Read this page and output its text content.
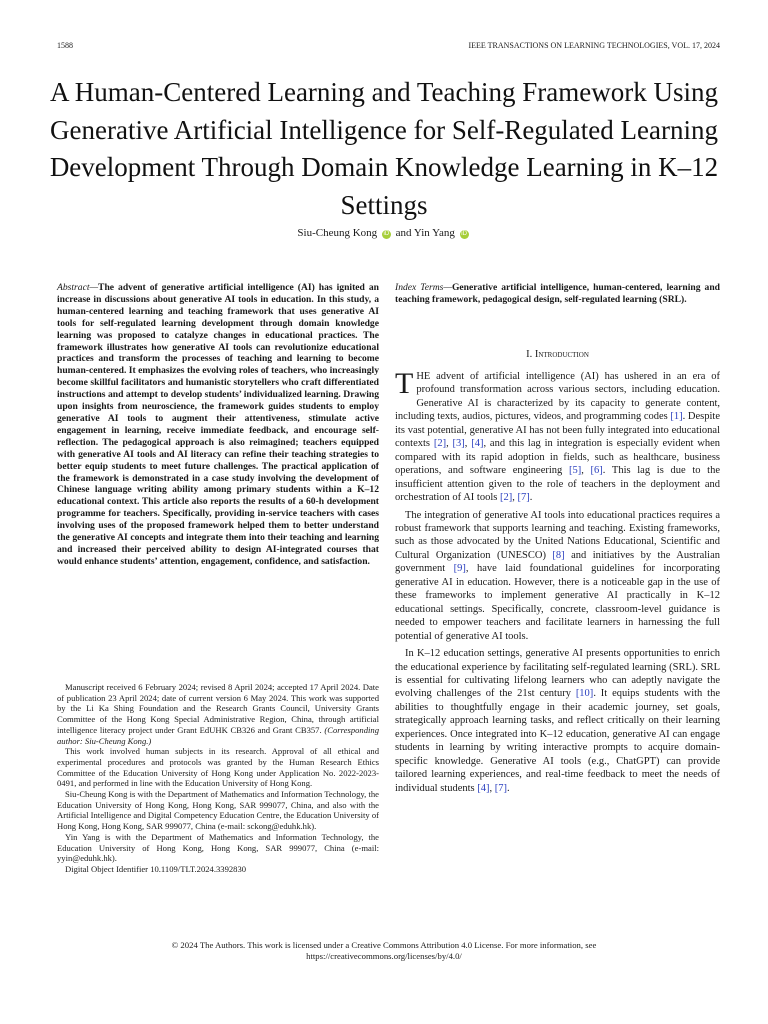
1588	IEEE TRANSACTIONS ON LEARNING TECHNOLOGIES, VOL. 17, 2024
A Human-Centered Learning and Teaching Framework Using Generative Artificial Intelligence for Self-Regulated Learning Development Through Domain Knowledge Learning in K–12 Settings
Siu-Cheung Kong iD and Yin Yang iD

Abstract—The advent of generative artificial intelligence (AI) has ignited an increase in discussions about generative AI tools in education. In this study, a human-centered learning and teaching framework that uses generative AI tools for self-regulated learning development through domain knowledge learning was proposed to catalyze changes in educational practices. The framework illustrates how generative AI tools can revolutionize educational practices and transform the processes of teaching and learning to become human-centered. It emphasizes the evolving roles of teachers, who increasingly become skillful facilitators and humanistic storytellers who craft differentiated instructions and attempt to develop students’ individualized learning. Drawing upon insights from neuroscience, the framework guides students to employ generative AI tools to augment their attentiveness, stimulate active engagement in learning, receive immediate feedback, and encourage self-reflection. The pedagogical approach is also reimagined; teachers equipped with generative AI tools and AI literacy can refine their teaching strategies to better equip students to meet future challenges. The practical application of the framework is demonstrated in a case study involving the development of Chinese language writing ability among primary students within a K–12 educational context. This article also reports the results of a 60-h development programme for teachers. Specifically, providing in-service teachers with cases involving uses of the proposed framework helped them to better understand the generative AI concepts and integrate them into their teaching and learning and increased their perceived ability to design AI-integrated courses that would enhance students’ attention, engagement, confidence, and satisfaction.

Manuscript received 6 February 2024; revised 8 April 2024; accepted 17 April 2024. Date of publication 23 April 2024; date of current version 6 May 2024. This work was supported by the Li Ka Shing Foundation and the Research Grants Council, University Grants Committee of the Hong Kong Special Administrative Region, China, through artificial intelligence literacy project under Grant EdUHK CB326 and Grant CB357. (Corresponding author: Siu-Cheung Kong.)

This work involved human subjects in its research. Approval of all ethical and experimental procedures and protocols was granted by the Human Research Ethics Committee of the Education University of Hong Kong under Application No. 2022-2023-0491, and performed in line with the Education University of Hong Kong.

Siu-Cheung Kong is with the Department of Mathematics and Information Technology, the Education University of Hong Kong, Hong Kong, SAR 999077, China, and also with the Artificial Intelligence and Digital Competency Education Centre, the Education University of Hong Kong, Hong Kong, SAR 999077, China (e-mail: sckong@eduhk.hk).

Yin Yang is with the Department of Mathematics and Information Technology, the Education University of Hong Kong, Hong Kong, SAR 999077, China (e-mail: yyin@eduhk.hk).

Digital Object Identifier 10.1109/TLT.2024.3392830

Index Terms—Generative artificial intelligence, human-centered, learning and teaching framework, pedagogical design, self-regulated learning (SRL).

I. Introduction

THE advent of artificial intelligence (AI) has ushered in an era of profound transformation across various sectors, including education. Generative AI is characterized by its capacity to generate content, including texts, audios, pictures, videos, and programming codes [1]. Despite its vast potential, generative AI has not been fully integrated into educational contexts [2], [3], [4], and this lag in integration is especially evident when compared with its rapid adoption in fields, such as healthcare, business operations, and software engineering [5], [6]. This lag is due to the insufficient attention given to the role of teachers in the deployment and orchestration of AI tools [2], [7].

The integration of generative AI tools into educational practices requires a robust framework that supports learning and teaching. Existing frameworks, such as those advocated by the United Nations Educational, Scientific and Cultural Organization (UNESCO) [8] and initiatives by the Australian government [9], have laid foundational guidelines for incorporating generative AI in education. However, there is a noticeable gap in the use of these frameworks to implement generative AI practically in K–12 educational settings. Specifically, concrete, classroom-level guidance is needed to empower teachers and facilitate learners in harnessing the full potential of generative AI tools.

In K–12 education settings, generative AI presents opportunities to enrich the educational experience by facilitating self-regulated learning (SRL). SRL is essential for cultivating lifelong learners who can adeptly navigate the evolving challenges of the 21st century [10]. It equips students with the abilities to thoughtfully engage in their academic journey, set goals, strategically approach learning tasks, and reflect critically on their learning experiences. Once integrated into K–12 education, generative AI can engage students in learning by writing interactive prompts to acquire domain-specific knowledge. Generative AI tools (e.g., ChatGPT) can provide tailored learning experiences, and real-time feedback to meet the needs of individual students [4], [7].

© 2024 The Authors. This work is licensed under a Creative Commons Attribution 4.0 License. For more information, see
https://creativecommons.org/licenses/by/4.0/
